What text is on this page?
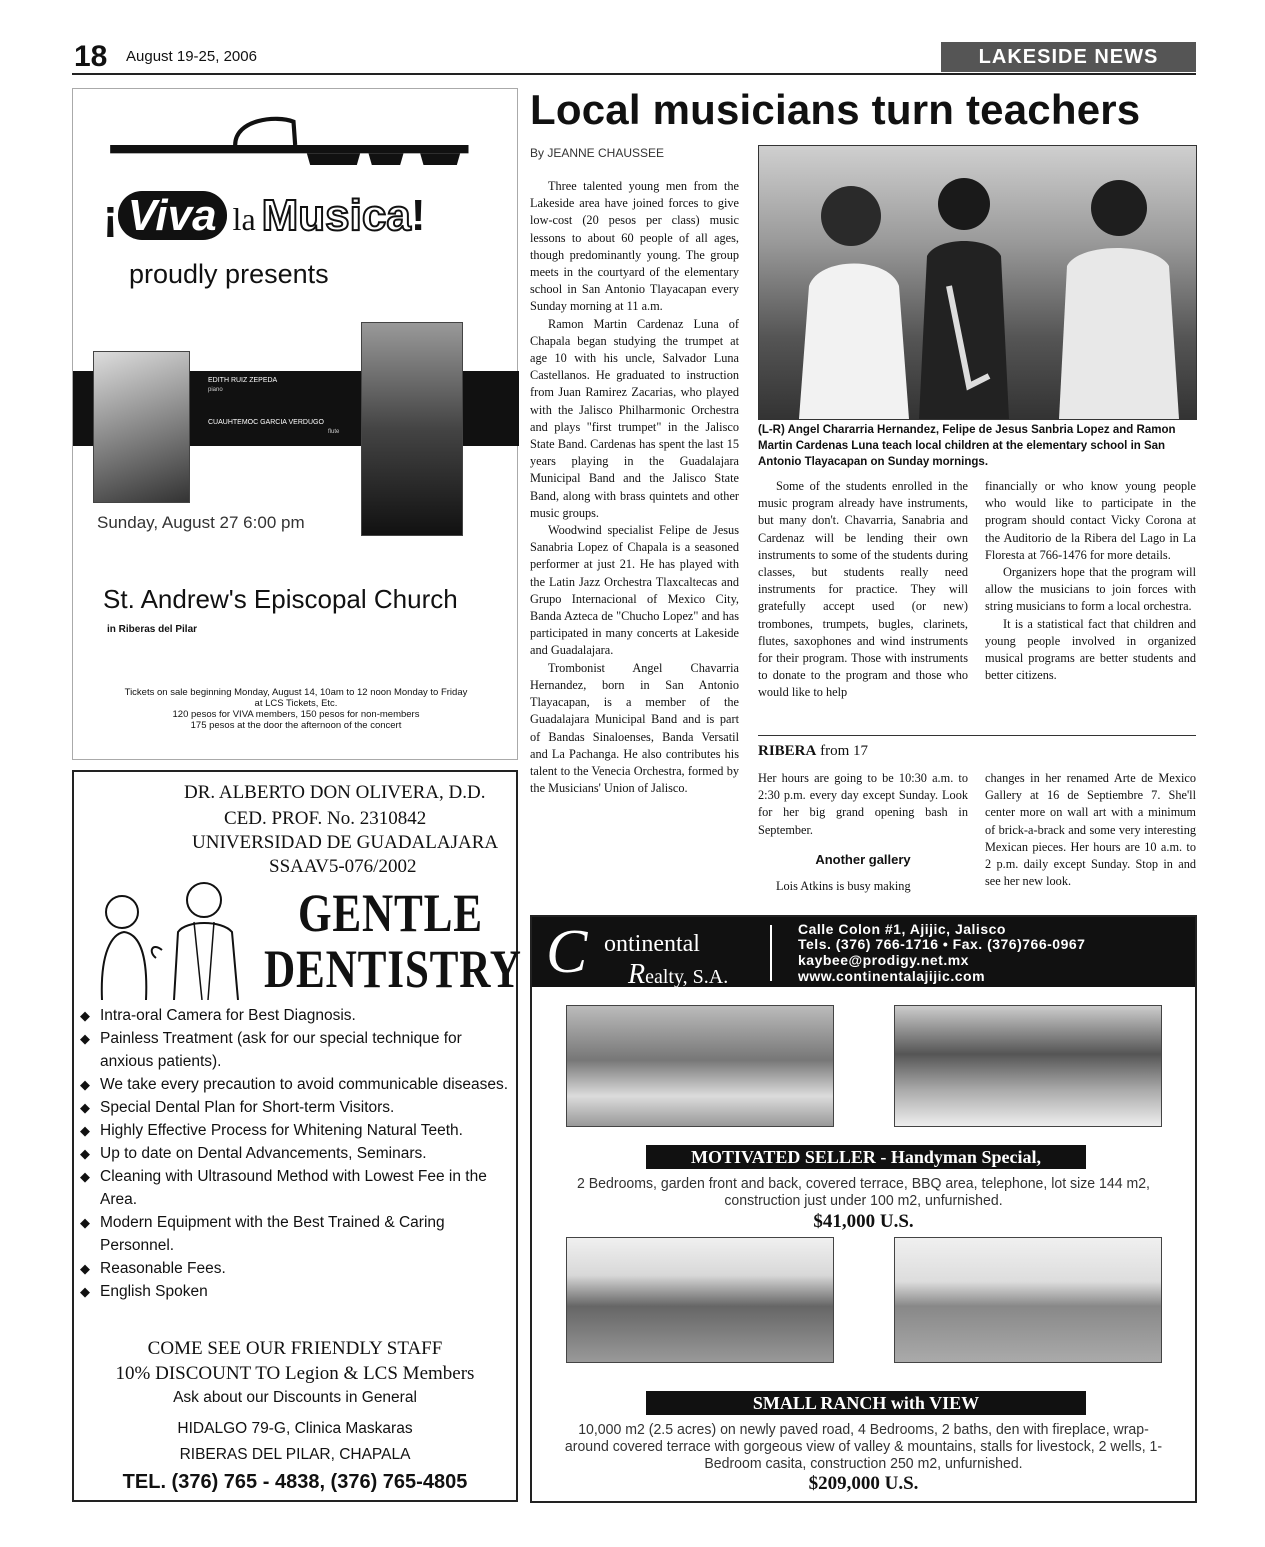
18 August 19-25, 2006	LAKESIDE NEWS
¡ Viva la Musica!
proudly presents
EDITH RUIZ ZEPEDA
piano
CUAUHTEMOC GARCIA VERDUGO
flute
Sunday, August 27 6:00 pm
St. Andrew's Episcopal Church
in Riberas del Pilar
Tickets on sale beginning Monday, August 14, 10am to 12 noon Monday to Friday
at LCS Tickets, Etc.
120 pesos for VIVA members, 150 pesos for non-members
175 pesos at the door the afternoon of the concert
DR. ALBERTO DON OLIVERA, D.D.
CED. PROF. No. 2310842
UNIVERSIDAD DE GUADALAJARA
SSAAV5-076/2002
GENTLE
DENTISTRY
◆ Intra-oral Camera for Best Diagnosis.
◆ Painless Treatment (ask for our special technique for anxious patients).
◆ We take every precaution to avoid communicable diseases.
◆ Special Dental Plan for Short-term Visitors.
◆ Highly Effective Process for Whitening Natural Teeth.
◆ Up to date on Dental Advancements, Seminars.
◆ Cleaning with Ultrasound Method with Lowest Fee in the Area.
◆ Modern Equipment with the Best Trained & Caring Personnel.
◆ Reasonable Fees.
◆ English Spoken
COME SEE OUR FRIENDLY STAFF
10% DISCOUNT TO Legion & LCS Members
Ask about our Discounts in General
HIDALGO 79-G, Clinica Maskaras
RIBERAS DEL PILAR, CHAPALA
TEL. (376) 765 - 4838, (376) 765-4805
Local musicians turn teachers
By JEANNE CHAUSSEE

Three talented young men from the Lakeside area have joined forces to give low-cost (20 pesos per class) music lessons to about 60 people of all ages, though predominantly young. The group meets in the courtyard of the elementary school in San Antonio Tlayacapan every Sunday morning at 11 a.m.

Ramon Martin Cardenaz Luna of Chapala began studying the trumpet at age 10 with his uncle, Salvador Luna Castellanos. He graduated to instruction from Juan Ramirez Zacarias, who played with the Jalisco Philharmonic Orchestra and plays "first trumpet" in the Jalisco State Band. Cardenas has spent the last 15 years playing in the Guadalajara Municipal Band and the Jalisco State Band, along with brass quintets and other music groups.

Woodwind specialist Felipe de Jesus Sanabria Lopez of Chapala is a seasoned performer at just 21. He has played with the Latin Jazz Orchestra Tlaxcaltecas and Grupo Internacional of Mexico City, Banda Azteca de "Chucho Lopez" and has participated in many concerts at Lakeside and Guadalajara.

Trombonist Angel Chavarria Hernandez, born in San Antonio Tlayacapan, is a member of the Guadalajara Municipal Band and is part of Bandas Sinaloenses, Banda Versatil and La Pachanga. He also contributes his talent to the Venecia Orchestra, formed by the Musicians' Union of Jalisco.

(L-R) Angel Chararria Hernandez, Felipe de Jesus Sanbria Lopez and Ramon Martin Cardenas Luna teach local children at the elementary school in San Antonio Tlayacapan on Sunday mornings.

Some of the students enrolled in the music program already have instruments, but many don't. Chavarria, Sanabria and Cardenaz will be lending their own instruments to some of the students during classes, but students really need instruments for practice. They will gratefully accept used (or new) trombones, trumpets, bugles, clarinets, flutes, saxophones and wind instruments for their program. Those with instruments to donate to the program and those who would like to help

financially or who know young people who would like to participate in the program should contact Vicky Corona at the Auditorio de la Ribera del Lago in La Floresta at 766-1476 for more details.

Organizers hope that the program will allow the musicians to join forces with string musicians to form a local orchestra.

It is a statistical fact that children and young people involved in organized musical programs are better students and better citizens.

RIBERA from 17
Her hours are going to be 10:30 a.m. to 2:30 p.m. every day except Sunday. Look for her big grand opening bash in September.
Another gallery

Lois Atkins is busy making

changes in her renamed Arte de Mexico Gallery at 16 de Septiembre 7. She'll center more on wall art with a minimum of brick-a-brack and some very interesting Mexican pieces. Her hours are 10 a.m. to 2 p.m. daily except Sunday. Stop in and see her new look.
C ontinental
Realty, S.A.
Calle Colon #1, Ajijic, Jalisco
Tels. (376) 766-1716 • Fax. (376)766-0967
kaybee@prodigy.net.mx
www.continentalajijic.com
MOTIVATED SELLER - Handyman Special,
2 Bedrooms, garden front and back, covered terrace, BBQ area, telephone, lot size 144 m2, construction just under 100 m2, unfurnished.
$41,000 U.S.
SMALL RANCH with VIEW
10,000 m2 (2.5 acres) on newly paved road, 4 Bedrooms, 2 baths, den with fireplace, wrap-around covered terrace with gorgeous view of valley & mountains, stalls for livestock, 2 wells, 1-Bedroom casita, construction 250 m2, unfurnished.
$209,000 U.S.
